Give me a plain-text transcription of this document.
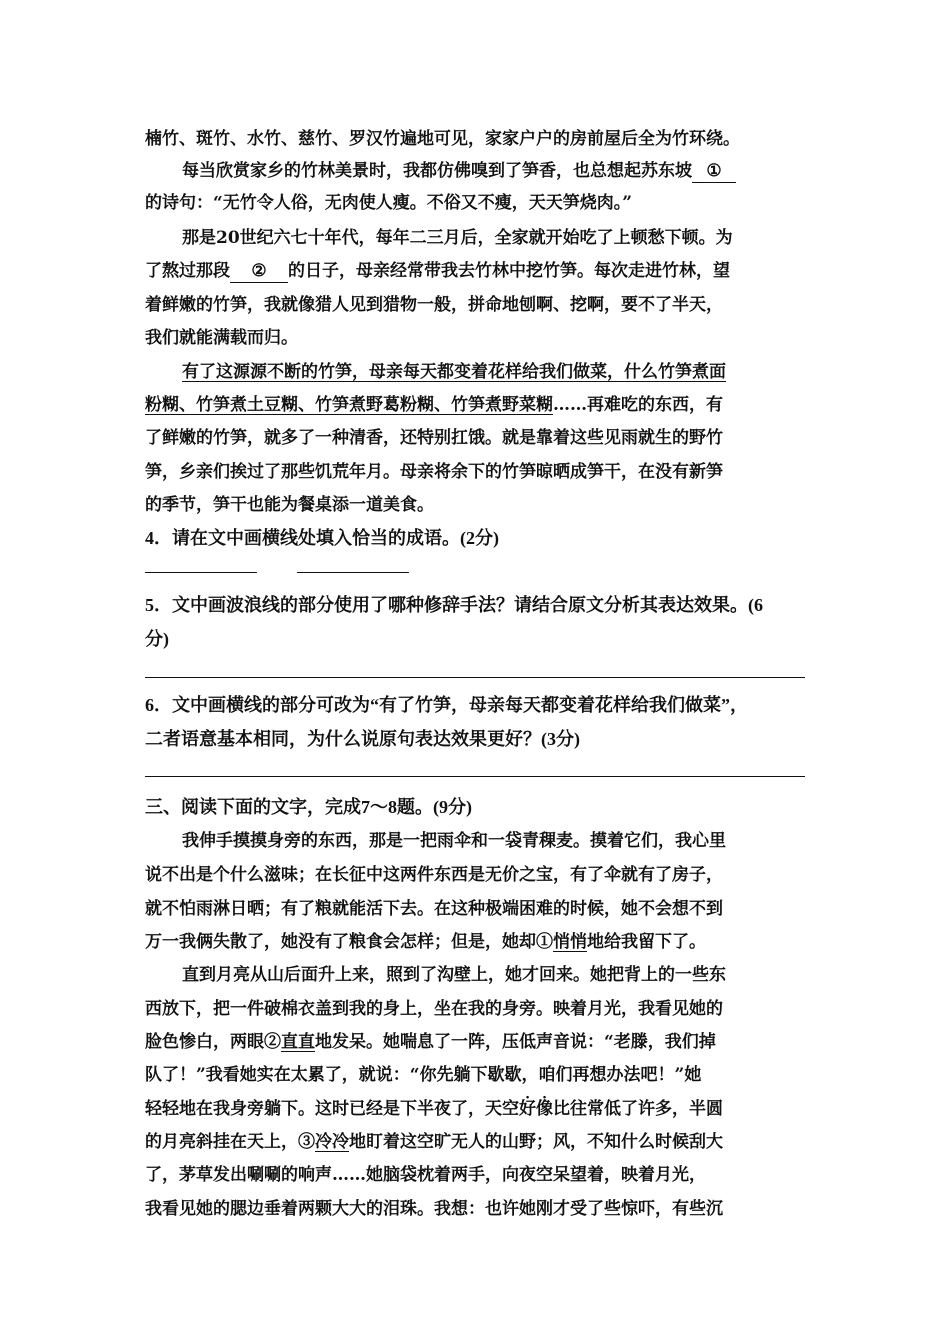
楠竹、斑竹、水竹、慈竹、罗汉竹遍地可见，家家户户的房前屋后全为竹环绕。
每当欣赏家乡的竹林美景时，我都仿佛嗅到了笋香，也总想起苏东坡 ①
的诗句：“无竹令人俗，无肉使人瘦。不俗又不瘦，天天笋烧肉。”
那是20世纪六七十年代，每年二三月后，全家就开始吃了上顿愁下顿。为
了熬过那段 ② 的日子，母亲经常带我去竹林中挖竹笋。每次走进竹林，望
着鲜嫩的竹笋，我就像猎人见到猎物一般，拼命地刨啊、挖啊，要不了半天，
我们就能满载而归。
有了这源源不断的竹笋，母亲每天都变着花样给我们做菜，什么竹笋煮面
粉糊、竹笋煮土豆糊、竹笋煮野葛粉糊、竹笋煮野菜糊……再难吃的东西，有
了鲜嫩的竹笋，就多了一种清香，还特别扛饿。就是靠着这些见雨就生的野竹
笋，乡亲们挨过了那些饥荒年月。母亲将余下的竹笋晾晒成笋干，在没有新笋
的季节，笋干也能为餐桌添一道美食。
4．请在文中画横线处填入恰当的成语。(2分)
5．文中画波浪线的部分使用了哪种修辞手法？请结合原文分析其表达效果。(6
分)
6．文中画横线的部分可改为“有了竹笋，母亲每天都变着花样给我们做菜”，
二者语意基本相同，为什么说原句表达效果更好？(3分)
三、阅读下面的文字，完成7～8题。(9分)
我伸手摸摸身旁的东西，那是一把雨伞和一袋青稞麦。摸着它们，我心里
说不出是个什么滋味；在长征中这两件东西是无价之宝，有了伞就有了房子，
就不怕雨淋日晒；有了粮就能活下去。在这种极端困难的时候，她不会想不到
万一我俩失散了，她没有了粮食会怎样；但是，她却①悄悄地给我留下了。
直到月亮从山后面升上来，照到了沟壁上，她才回来。她把背上的一些东
西放下，把一件破棉衣盖到我的身上，坐在我的身旁。映着月光，我看见她的
脸色惨白，两眼②直直地发呆。她喘息了一阵，压低声音说：“老滕，我们掉
队了！”我看她实在太累了，就说：“你先躺下歇歇，咱们再想办法吧！”她
轻轻地在我身旁躺下。这时已经是下半夜了，天空好像比往常低了许多，半圆
的月亮斜挂在天上，③冷冷地盯着这空旷无人的山野；风，不知什么时候刮大
了，茅草发出唰唰的响声……她脑袋枕着两手，向夜空呆望着，映着月光，
我看见她的腮边垂着两颗大大的泪珠。我想：也许她刚才受了些惊吓，有些沉
